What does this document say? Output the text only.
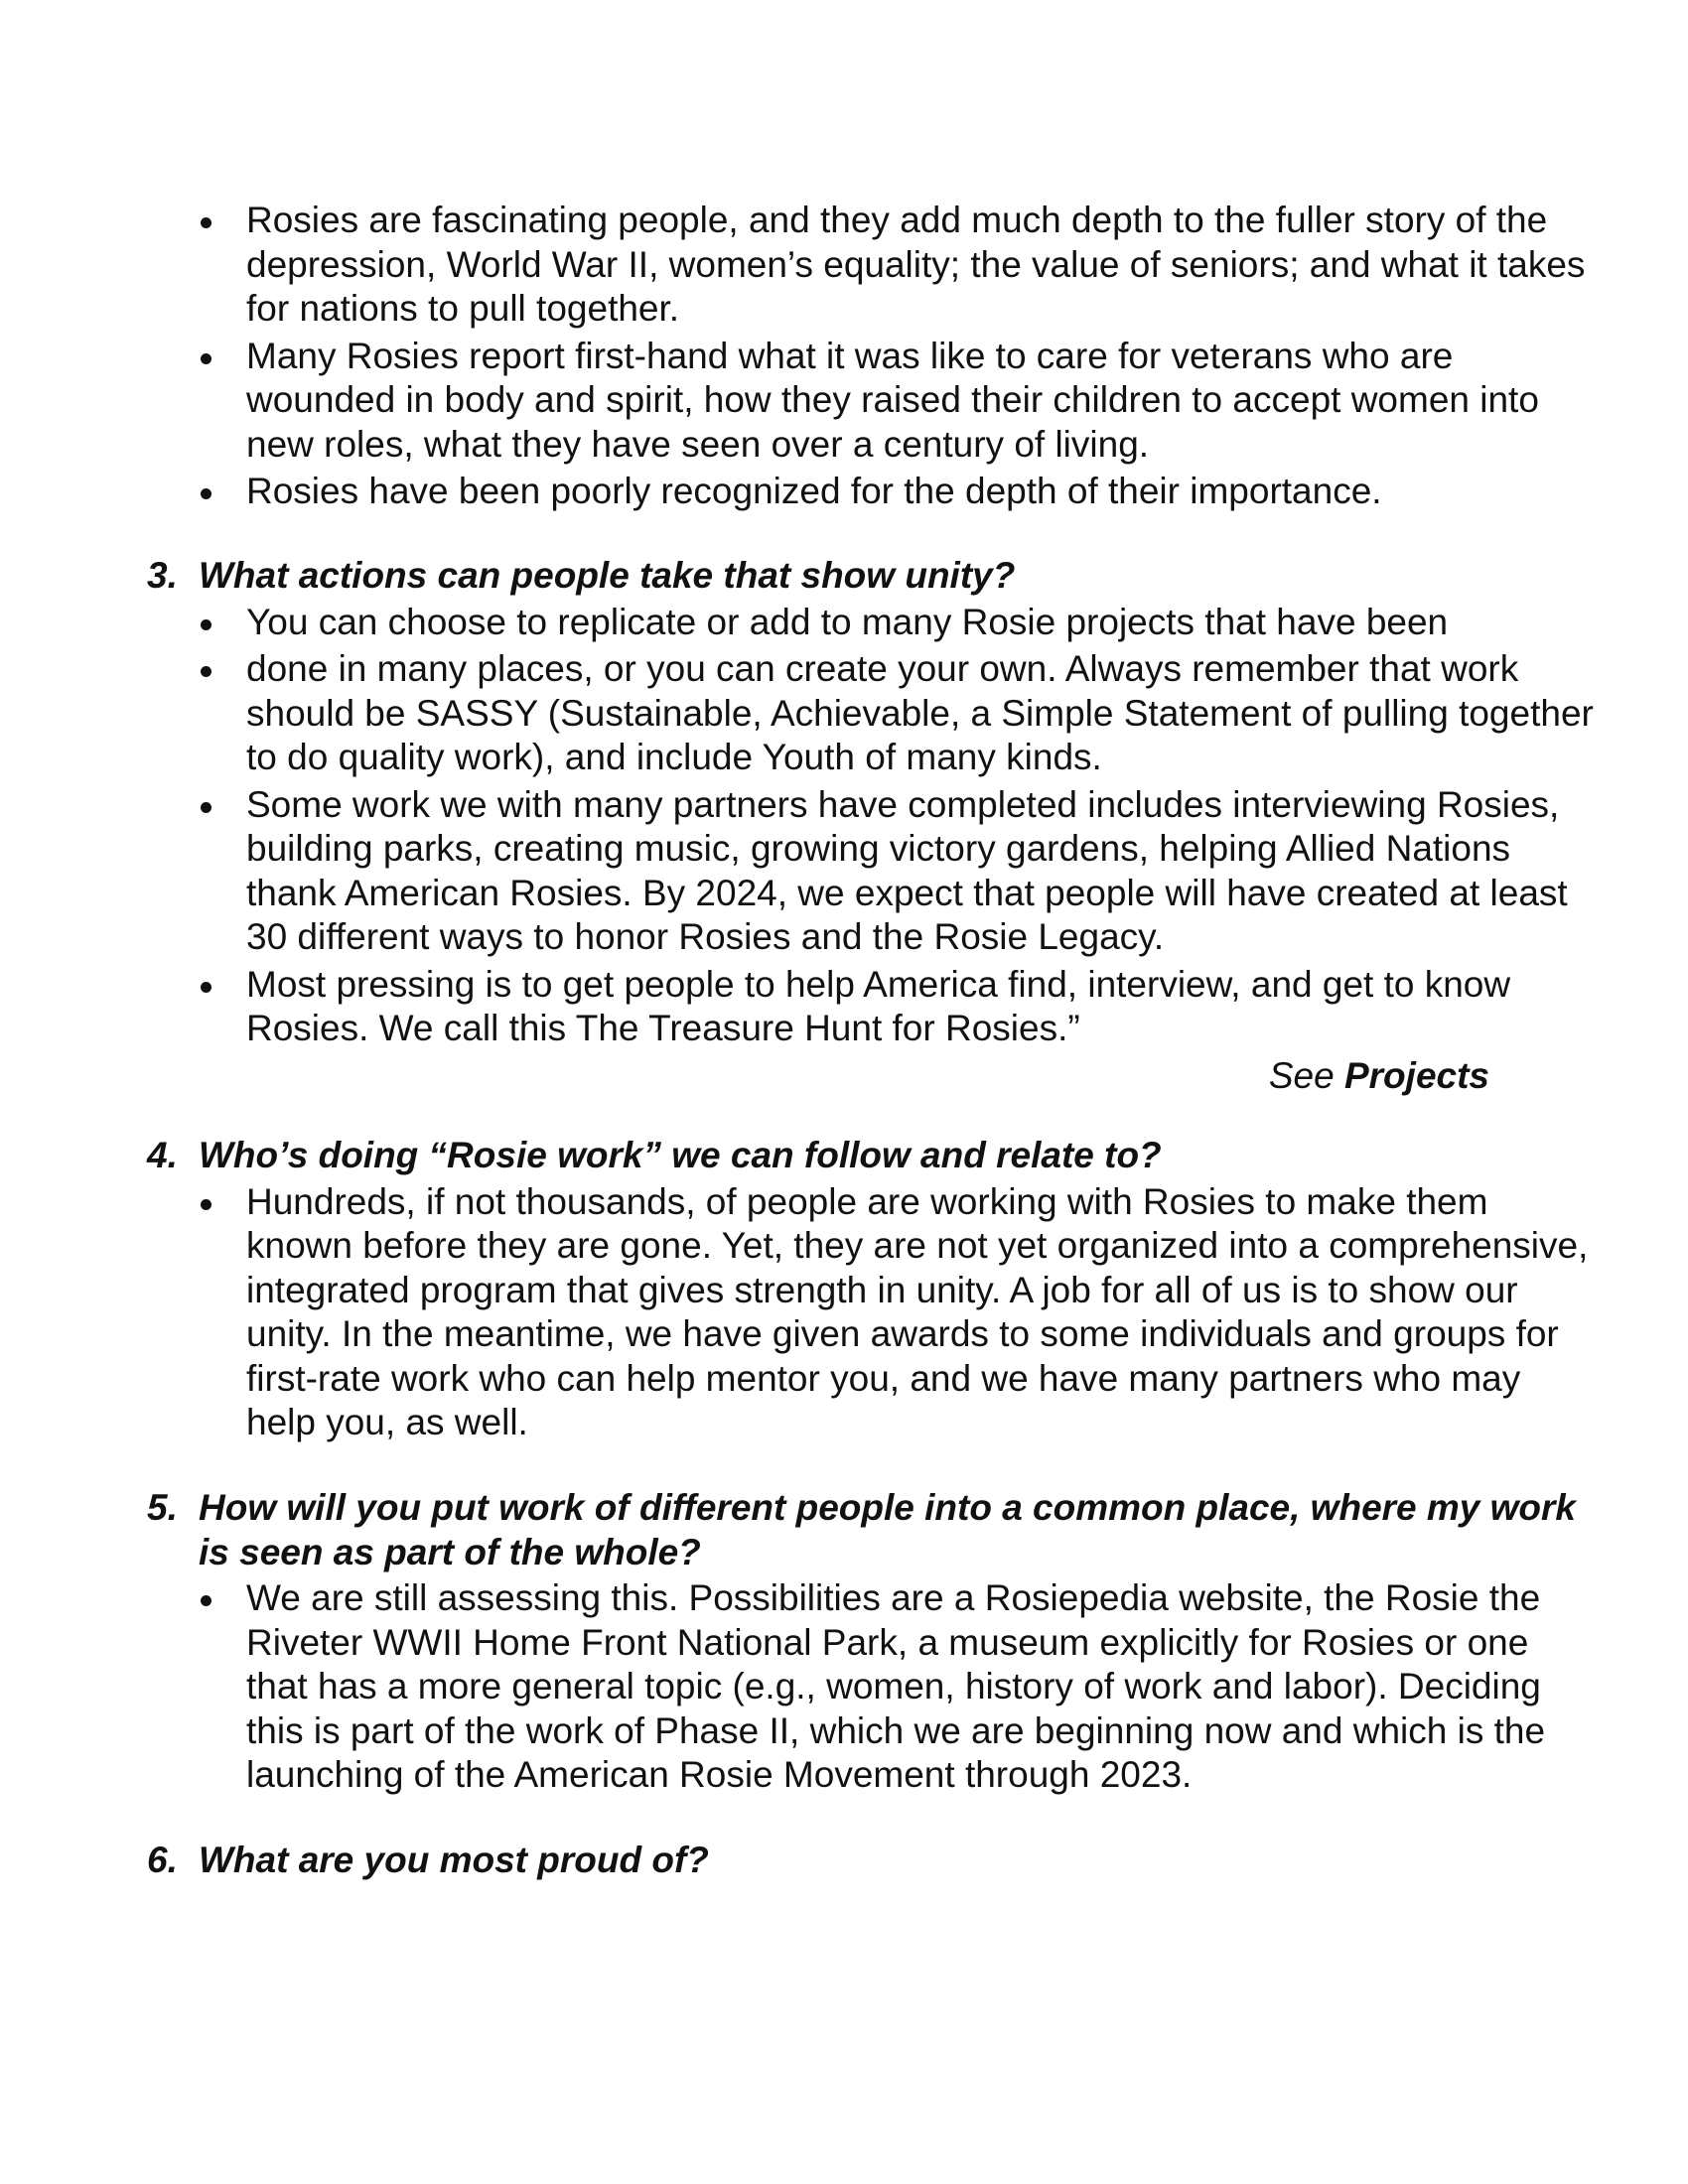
Rosies are fascinating people, and they add much depth to the fuller story of the depression, World War II, women’s equality; the value of seniors; and what it takes for nations to pull together.
Many Rosies report first-hand what it was like to care for veterans who are wounded in body and spirit, how they raised their children to accept women into new roles, what they have seen over a century of living.
Rosies have been poorly recognized for the depth of their importance.
3. What actions can people take that show unity?
You can choose to replicate or add to many Rosie projects that have been
done in many places, or you can create your own. Always remember that work should be SASSY (Sustainable, Achievable, a Simple Statement of pulling together to do quality work), and include Youth of many kinds.
Some work we with many partners have completed includes interviewing Rosies, building parks, creating music, growing victory gardens, helping Allied Nations thank American Rosies. By 2024, we expect that people will have created at least 30 different ways to honor Rosies and the Rosie Legacy.
Most pressing is to get people to help America find, interview, and get to know Rosies. We call this The Treasure Hunt for Rosies.”
See Projects
4. Who’s doing “Rosie work” we can follow and relate to?
Hundreds, if not thousands, of people are working with Rosies to make them known before they are gone. Yet, they are not yet organized into a comprehensive, integrated program that gives strength in unity. A job for all of us is to show our unity. In the meantime, we have given awards to some individuals and groups for first-rate work who can help mentor you, and we have many partners who may help you, as well.
5. How will you put work of different people into a common place, where my work is seen as part of the whole?
We are still assessing this. Possibilities are a Rosiepedia website, the Rosie the Riveter WWII Home Front National Park, a museum explicitly for Rosies or one that has a more general topic (e.g., women, history of work and labor). Deciding this is part of the work of Phase II, which we are beginning now and which is the launching of the American Rosie Movement through 2023.
6. What are you most proud of?
